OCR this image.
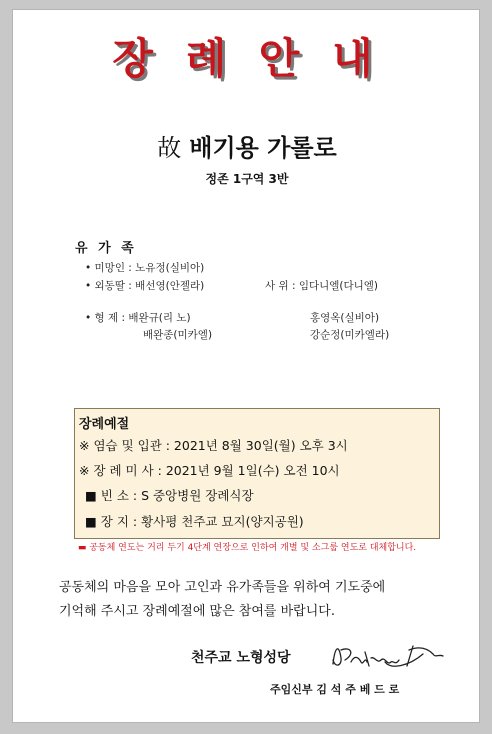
장 례 안 내
故 배기용 가롤로
정존 1구역 3반
유 가 족
• 미망인 : 노유정(실비아)
• 외동딸 : 배선영(안젤라)	사 위 : 임다니엘(다니엘)
• 형 제 : 배완규(리 노)
배완종(미카엘)
홍영옥(실비아)
강순정(미카엘라)
장례예절
※ 염습 및 입관 : 2021년 8월 30일(월) 오후 3시
※ 장 례 미 사 : 2021년 9월 1일(수) 오전 10시
■ 빈 소 : S 중앙병원 장례식장
■ 장 지 : 황사평 천주교 묘지(양지공원)
▬ 공동체 연도는 거리 두기 4단계 연장으로 인하여 개별 및 소그룹 연도로 대체합니다.
공동체의 마음을 모아 고인과 유가족들을 위하여 기도중에
기억해 주시고 장례예절에 많은 참여를 바랍니다.
천주교 노형성당
주임신부 김 석 주 베 드 로
